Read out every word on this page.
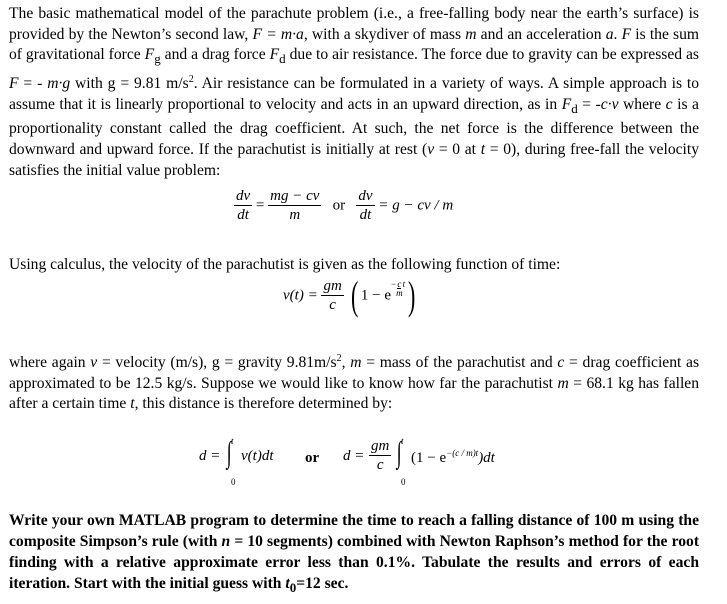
The basic mathematical model of the parachute problem (i.e., a free-falling body near the earth’s surface) is provided by the Newton’s second law, F = m·a, with a skydiver of mass m and an acceleration a. F is the sum of gravitational force $F_g$ and a drag force $F_d$ due to air resistance. The force due to gravity can be expressed as F = - m·g with g = 9.81 $m/s^2$. Air resistance can be formulated in a variety of ways. A simple approach is to assume that it is linearly proportional to velocity and acts in an upward direction, as in $F_d = -c\cdot v$ where c is a proportionality constant called the drag coefficient. At such, the net force is the difference between the downward and upward force. If the parachutist is initially at rest (v = 0 at t = 0), during free-fall the velocity satisfies the initial value problem:
$\frac{dv}{dt} = \frac{mg - cv}{m}$ or $\frac{dv}{dt} = g$ − cv / m
Using calculus, the velocity of the parachutist is given as the following function of time:
$v(t) = \frac{gm}{c}$ ( $1 - e- \frac{c}{m} t$)
where again v = velocity (m/s), g = gravity $9.81m/s^2$, m = mass of the parachutist and c = drag coefficient as approximated to be 12.5 kg/s. Suppose we would like to know how far the parachutist m = 68.1 kg has fallen after a certain time t, this distance is therefore determined by:
d = ∫ t
0
v(t)dt or $d = \frac{gm}{c}$ ∫ t
0
$(1 - e^{-(c / m)t})dt$
Write your own MATLAB program to determine the time to reach a falling distance of 100 m using the composite Simpson’s rule (with n = 10 segments) combined with Newton Raphson’s method for the root finding with a relative approximate error less than 0.1%. Tabulate the results and errors of each iteration. Start with the initial guess with $t_0=12$ sec.
